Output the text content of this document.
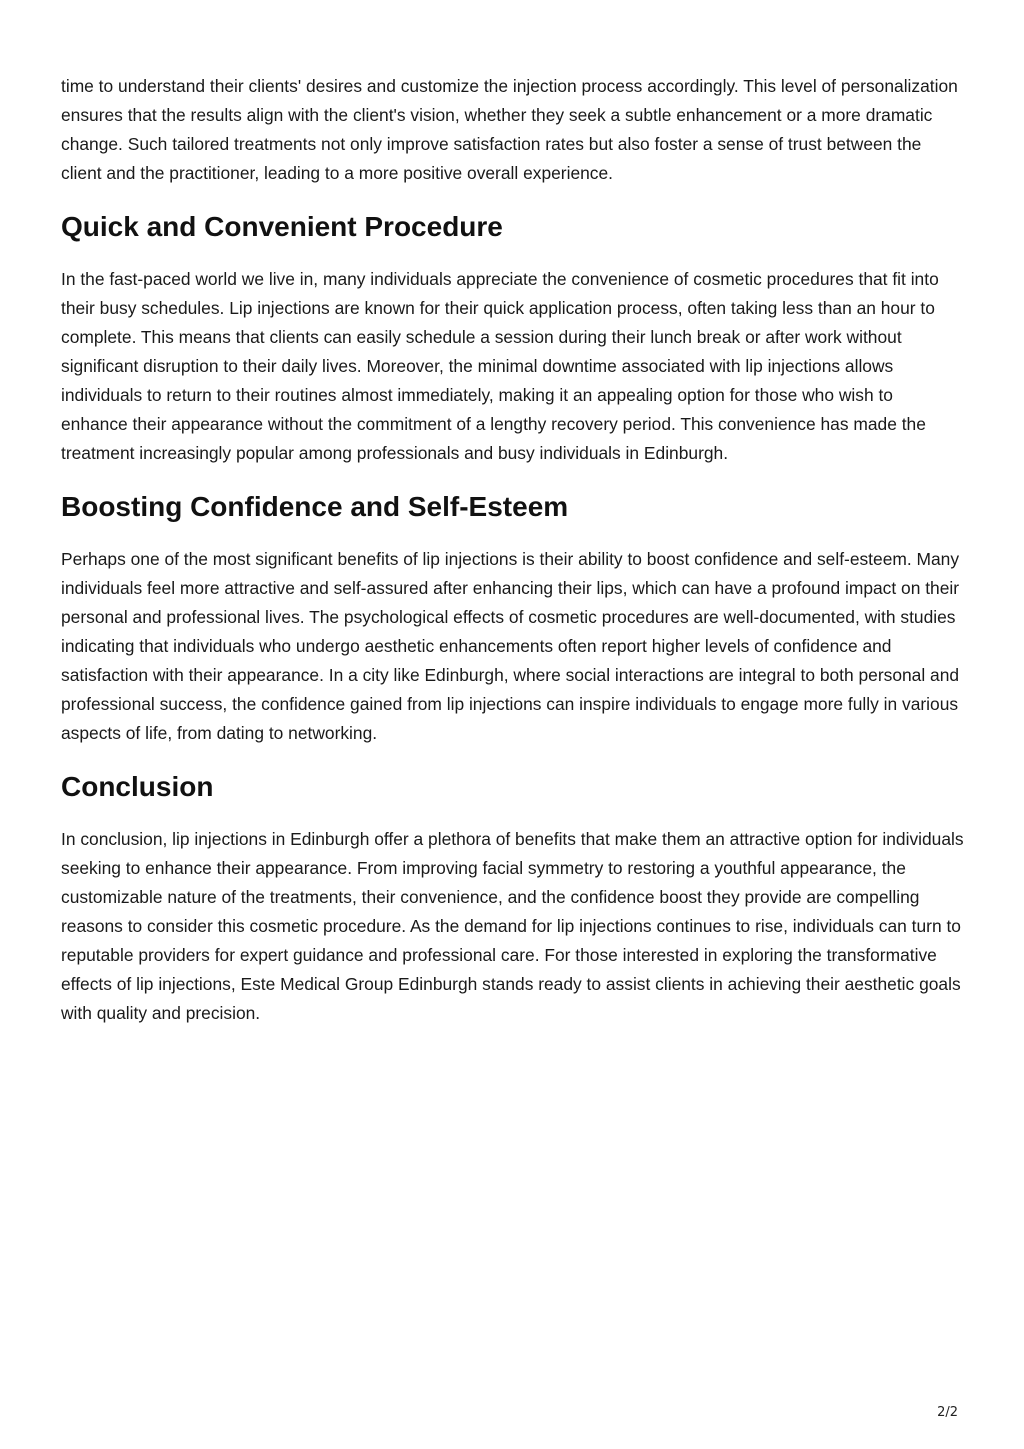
time to understand their clients' desires and customize the injection process accordingly. This level of personalization ensures that the results align with the client's vision, whether they seek a subtle enhancement or a more dramatic change. Such tailored treatments not only improve satisfaction rates but also foster a sense of trust between the client and the practitioner, leading to a more positive overall experience.

Quick and Convenient Procedure

In the fast-paced world we live in, many individuals appreciate the convenience of cosmetic procedures that fit into their busy schedules. Lip injections are known for their quick application process, often taking less than an hour to complete. This means that clients can easily schedule a session during their lunch break or after work without significant disruption to their daily lives. Moreover, the minimal downtime associated with lip injections allows individuals to return to their routines almost immediately, making it an appealing option for those who wish to enhance their appearance without the commitment of a lengthy recovery period. This convenience has made the treatment increasingly popular among professionals and busy individuals in Edinburgh.

Boosting Confidence and Self-Esteem

Perhaps one of the most significant benefits of lip injections is their ability to boost confidence and self-esteem. Many individuals feel more attractive and self-assured after enhancing their lips, which can have a profound impact on their personal and professional lives. The psychological effects of cosmetic procedures are well-documented, with studies indicating that individuals who undergo aesthetic enhancements often report higher levels of confidence and satisfaction with their appearance. In a city like Edinburgh, where social interactions are integral to both personal and professional success, the confidence gained from lip injections can inspire individuals to engage more fully in various aspects of life, from dating to networking.

Conclusion

In conclusion, lip injections in Edinburgh offer a plethora of benefits that make them an attractive option for individuals seeking to enhance their appearance. From improving facial symmetry to restoring a youthful appearance, the customizable nature of the treatments, their convenience, and the confidence boost they provide are compelling reasons to consider this cosmetic procedure. As the demand for lip injections continues to rise, individuals can turn to reputable providers for expert guidance and professional care. For those interested in exploring the transformative effects of lip injections, Este Medical Group Edinburgh stands ready to assist clients in achieving their aesthetic goals with quality and precision.

2/2
